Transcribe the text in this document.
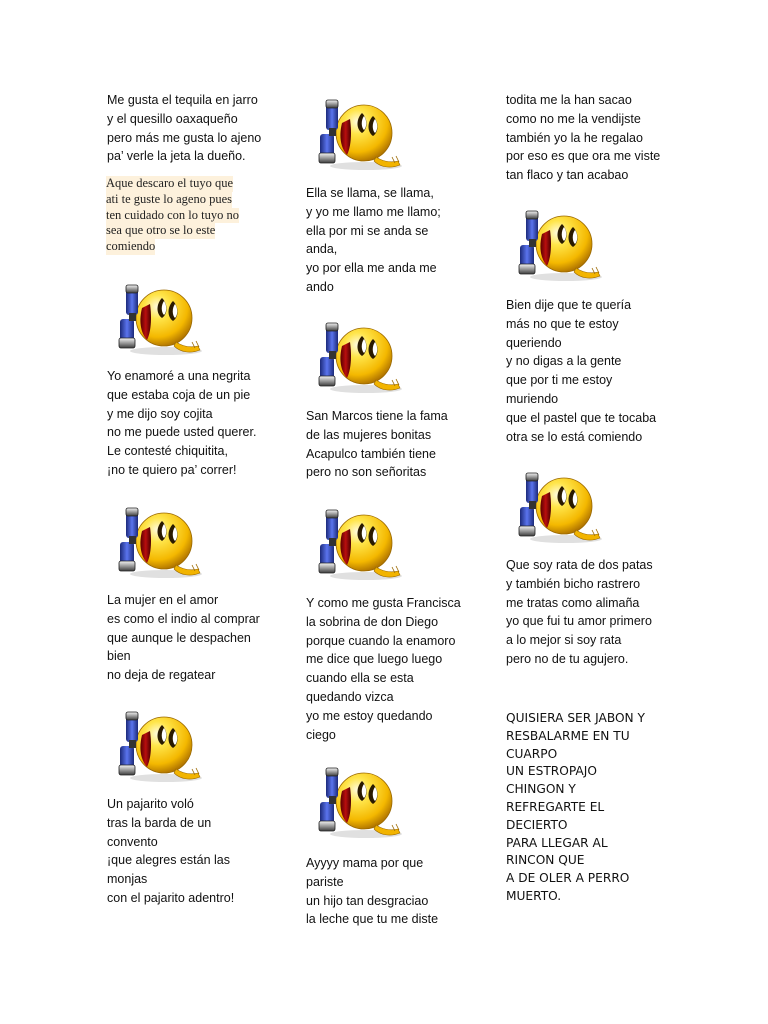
Me gusta el tequila en jarro
y el quesillo oaxaqueño
pero más me gusta lo ajeno
pa’ verle la jeta la dueño.
Aque descaro el tuyo que
ati te guste lo ageno pues
ten cuidado con lo tuyo no
sea que otro se lo este
comiendo
Yo enamoré a una negrita
que estaba coja de un pie
y me dijo soy cojita
no me puede usted querer.
Le contesté chiquitita,
¡no te quiero pa’ correr!
La mujer en el amor
es como el indio al comprar
que aunque le despachen
bien
no deja de regatear
Un pajarito voló
tras la barda de un
convento
¡que alegres están las
monjas
con el pajarito adentro!
Ella se llama, se llama,
y yo me llamo me llamo;
ella por mi se anda se
anda,
yo por ella me anda me
ando
San Marcos tiene la fama
de las mujeres bonitas
Acapulco también tiene
pero no son señoritas
Y como me gusta Francisca
la sobrina de don Diego
porque cuando la enamoro
me dice que luego luego
cuando ella se esta
quedando vizca
yo me estoy quedando
ciego
Ayyyy mama por que
pariste
un hijo tan desgraciao
la leche que tu me diste
todita me la han sacao
como no me la vendijste
también yo la he regalao
por eso es que ora me viste
tan flaco y tan acabao
Bien dije que te quería
más no que te estoy
queriendo
y no digas a la gente
que por ti me estoy
muriendo
que el pastel que te tocaba
otra se lo está comiendo
Que soy rata de dos patas
y también bicho rastrero
me tratas como alimaña
yo que fui tu amor primero
a lo mejor si soy rata
pero no de tu agujero.
QUISIERA SER JABON Y
RESBALARME EN TU
CUARPO
UN ESTROPAJO
CHINGON Y
REFREGARTE EL
DECIERTO
PARA LLEGAR AL
RINCON QUE
A DE OLER A PERRO
MUERTO.
